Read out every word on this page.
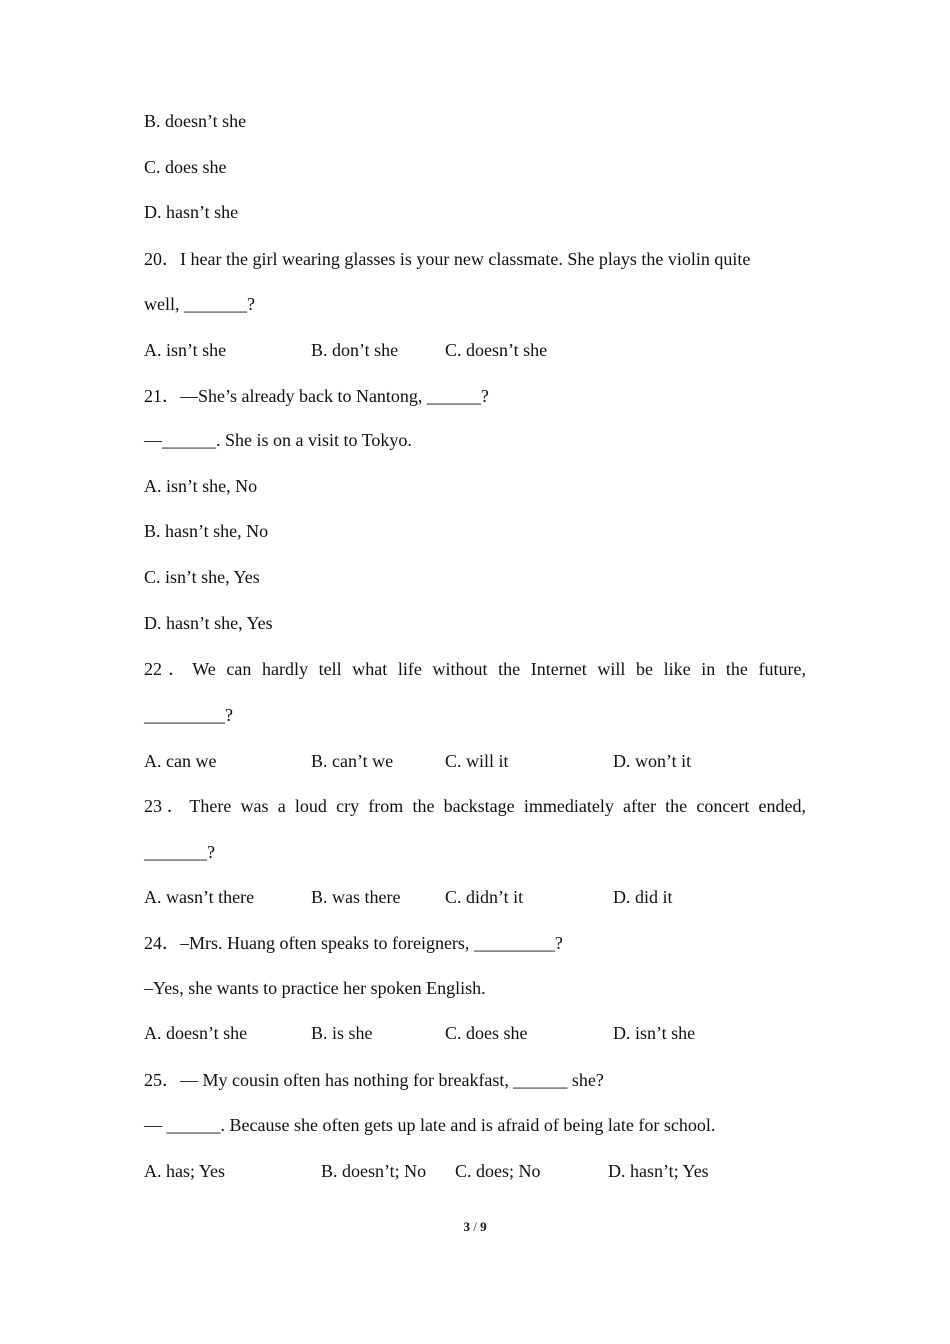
B. doesn’t she
C. does she
D. hasn’t she
20．I hear the girl wearing glasses is your new classmate. She plays the violin quite
well, _______?
A. isn’t she	B. don’t she	C. doesn’t she
21．—She’s already back to Nantong, ______?
—______. She is on a visit to Tokyo.
A. isn’t she, No
B. hasn’t she, No
C. isn’t she, Yes
D. hasn’t she, Yes
22．We can hardly tell what life without the Internet will be like in the future,
_________?
A. can we	B. can’t we	C. will it	D. won’t it
23．There was a loud cry from the backstage immediately after the concert ended,
_______?
A. wasn’t there	B. was there C. didn’t it	D. did it
24．–Mrs. Huang often speaks to foreigners, _________?
–Yes, she wants to practice her spoken English.
A. doesn’t she	B. is she	C. does she	D. isn’t she
25．— My cousin often has nothing for breakfast, ______ she?
— ______. Because she often gets up late and is afraid of being late for school.
A. has; Yes	B. doesn’t; No C. does; No	D. hasn’t; Yes
3 / 9
